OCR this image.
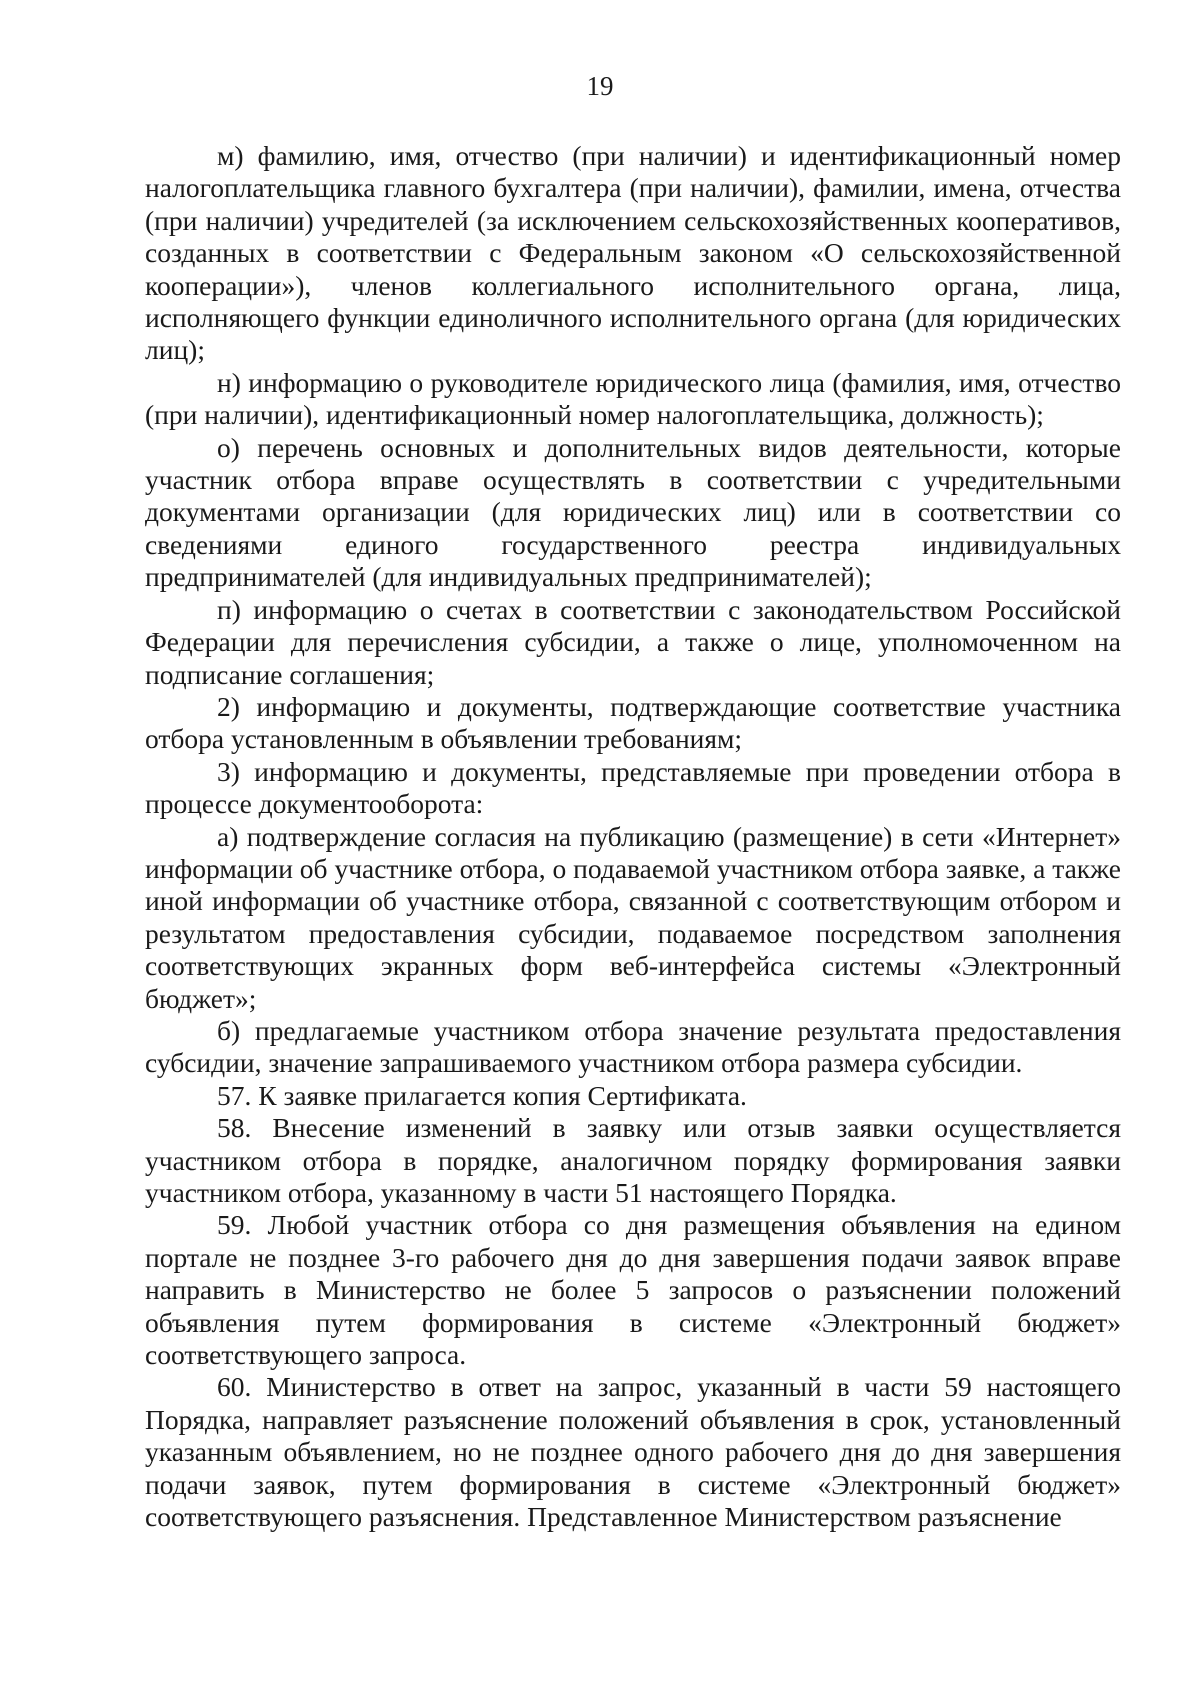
19

м) фамилию, имя, отчество (при наличии) и идентификационный номер налогоплательщика главного бухгалтера (при наличии), фамилии, имена, отчества (при наличии) учредителей (за исключением сельскохозяйственных кооперативов, созданных в соответствии с Федеральным законом «О сельскохозяйственной кооперации»), членов коллегиального исполнительного органа, лица, исполняющего функции единоличного исполнительного органа (для юридических лиц);

н) информацию о руководителе юридического лица (фамилия, имя, отчество (при наличии), идентификационный номер налогоплательщика, должность);

о) перечень основных и дополнительных видов деятельности, которые участник отбора вправе осуществлять в соответствии с учредительными документами организации (для юридических лиц) или в соответствии со сведениями единого государственного реестра индивидуальных предпринимателей (для индивидуальных предпринимателей);

п) информацию о счетах в соответствии с законодательством Российской Федерации для перечисления субсидии, а также о лице, уполномоченном на подписание соглашения;

2) информацию и документы, подтверждающие соответствие участника отбора установленным в объявлении требованиям;

3) информацию и документы, представляемые при проведении отбора в процессе документооборота:

а) подтверждение согласия на публикацию (размещение) в сети «Интернет» информации об участнике отбора, о подаваемой участником отбора заявке, а также иной информации об участнике отбора, связанной с соответствующим отбором и результатом предоставления субсидии, подаваемое посредством заполнения соответствующих экранных форм веб-интерфейса системы «Электронный бюджет»;

б) предлагаемые участником отбора значение результата предоставления субсидии, значение запрашиваемого участником отбора размера субсидии.

57. К заявке прилагается копия Сертификата.

58. Внесение изменений в заявку или отзыв заявки осуществляется участником отбора в порядке, аналогичном порядку формирования заявки участником отбора, указанному в части 51 настоящего Порядка.

59. Любой участник отбора со дня размещения объявления на едином портале не позднее 3-го рабочего дня до дня завершения подачи заявок вправе направить в Министерство не более 5 запросов о разъяснении положений объявления путем формирования в системе «Электронный бюджет» соответствующего запроса.

60. Министерство в ответ на запрос, указанный в части 59 настоящего Порядка, направляет разъяснение положений объявления в срок, установленный указанным объявлением, но не позднее одного рабочего дня до дня завершения подачи заявок, путем формирования в системе «Электронный бюджет» соответствующего разъяснения. Представленное Министерством разъяснение
